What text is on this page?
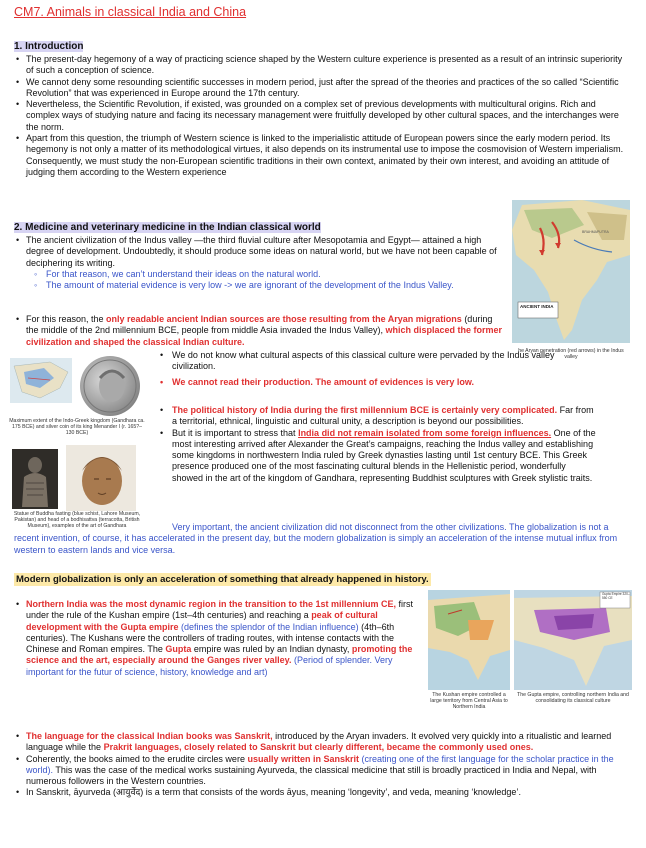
CM7. Animals in classical India and China
1. Introduction
• The present-day hegemony of a way of practicing science shaped by the Western culture experience is presented as a result of an intrinsic superiority of such a conception of science.
• We cannot deny some resounding scientific successes in modern period, just after the spread of the theories and practices of the so called “Scientific Revolution” that was experienced in Europe around the 17th century.
• Nevertheless, the Scientific Revolution, if existed, was grounded on a complex set of previous developments with multicultural origins. Rich and complex ways of studying nature and facing its necessary management were fruitfully developed by other cultural spaces, and the interchanges were the norm.
• Apart from this question, the triumph of Western science is linked to the imperialistic attitude of European powers since the early modern period. Its hegemony is not only a matter of its methodological virtues, it also depends on its instrumental use to impose the cosmovision of Western imperialism. Consequently, we must study the non-European scientific traditions in their own context, animated by their own interest, and avoiding an attitude of judging them according to the Western experience
2. Medicine and veterinary medicine in the Indian classical world
ANCIENT INDIA
BRAHMAPUTRA
he Aryan penetration (red arrows) in the Indus valley
• The ancient civilization of the Indus valley —the third fluvial culture after Mesopotamia and Egypt— attained a high degree of development. Undoubtedly, it should produce some ideas on natural world, but we have not been capable of deciphering its writing.
◦ For that reason, we can’t understand their ideas on the natural world.
◦ The amount of material evidence is very low -> we are ignorant of the development of the Indus Valley.
• For this reason, the only readable ancient Indian sources are those resulting from the Aryan migrations (during the middle of the 2nd millennium BCE, people from middle Asia invaded the Indus Valley), which displaced the former civilization and shaped the classical Indian culture.
Maximum extent of the Indo-Greek kingdom (Gandhara ca. 175 BCE) and silver coin of its king Menander I (r. 165?–130 BCE)
Statue of Buddha fasting (blue schist, Lahore Museum, Pakistan) and head of a bodhisattva (terracotta, British Museum), examples of the art of Gandhara
• We do not know what cultural aspects of this classical culture were pervaded by the Indus valley civilization.
• We cannot read their production. The amount of evidences is very low.
• The political history of India during the first millennium BCE is certainly very complicated. Far from a territorial, ethnical, linguistic and cultural unity, a description is beyond our possibilities.
• But it is important to stress that India did not remain isolated from some foreign influences. One of the most interesting arrived after Alexander the Great’s campaigns, reaching the Indus valley and establishing some kingdoms in northwestern India ruled by Greek dynasties lasting until 1st century BCE. This Greek presence produced one of the most fascinating cultural blends in the Hellenistic period, wonderfully showed in the art of the kingdom of Gandhara, representing Buddhist sculptures with Greek stylistic traits.
Very important, the ancient civilization did not disconnect from the other civilizations. The globalization is not a recent invention, of course, it has accelerated in the present day, but the modern globalization is simply an acceleration of the intense mutual influx from western to eastern lands and vice versa.
Modern globalization is only an acceleration of something that already happened in history.
• Northern India was the most dynamic region in the transition to the 1st millennium CE, first under the rule of the Kushan empire (1st–4th centuries) and reaching a peak of cultural development with the Gupta empire (defines the splendor of the Indian influence) (4th–6th centuries). The Kushans were the controllers of trading routes, with intense contacts with the Chinese and Roman empires. The Gupta empire was ruled by an Indian dynasty, promoting the science and the art, especially around the Ganges river valley. (Period of splender. Very important for the futur of science, history, knowledge and art)
The Kushan empire controlled a large territory from Central Asia to Northern India
Gupta Empire 320–550 CE
The Gupta empire, controlling northern India and consolidating its classical culture
• The language for the classical Indian books was Sanskrit, introduced by the Aryan invaders. It evolved very quickly into a ritualistic and learned language while the Prakrit languages, closely related to Sanskrit but clearly different, became the commonly used ones.
• Coherently, the books aimed to the erudite circles were usually written in Sanskrit (creating one of the first language for the scholar practice in the world). This was the case of the medical works sustaining Ayurveda, the classical medicine that still is broadly practiced in India and Nepal, with numerous followers in the Western countries.
• In Sanskrit, āyurveda (आयुर्वेद) is a term that consists of the words āyus, meaning ‘longevity’, and veda, meaning ‘knowledge’.
